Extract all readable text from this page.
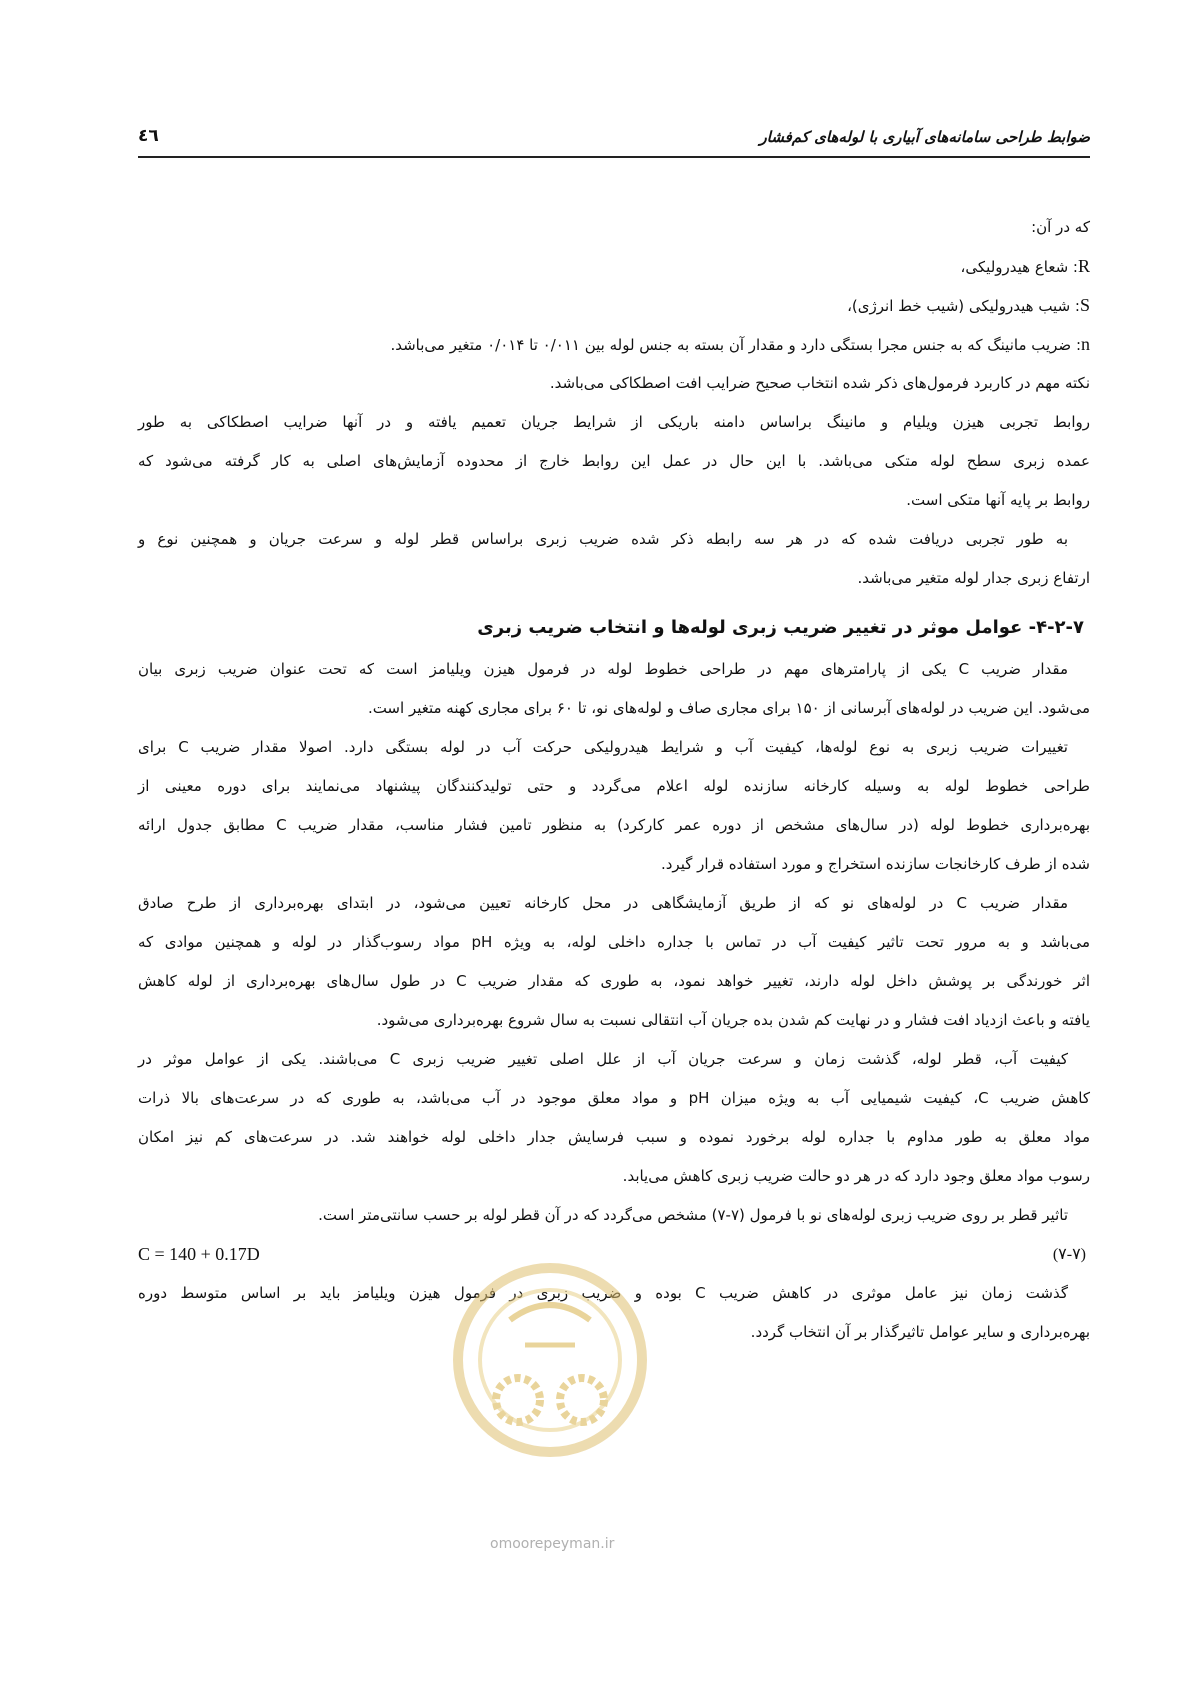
ضوابط طراحی سامانه‌های آبیاری با لوله‌های کم‌فشار
٤٦
که در آن:
R: شعاع هیدرولیکی،
S: شیب هیدرولیکی (شیب خط انرژی)،
n: ضریب مانینگ که به جنس مجرا بستگی دارد و مقدار آن بسته به جنس لوله بین ۰/۰۱۱ تا ۰/۰۱۴ متغیر می‌باشد.
نکته مهم در کاربرد فرمول‌های ذکر شده انتخاب صحیح ضرایب افت اصطکاکی می‌باشد.
روابط تجربی هیزن ویلیام و مانینگ براساس دامنه باریکی از شرایط جریان تعمیم یافته و در آنها ضرایب اصطکاکی به طور
عمده زبری سطح لوله متکی می‌باشد. با این حال در عمل این روابط خارج از محدوده آزمایش‌های اصلی به کار گرفته می‌شود که
روابط بر پایه آنها متکی است.
به طور تجربی دریافت شده که در هر سه رابطه ذکر شده ضریب زبری براساس قطر لوله و سرعت جریان و همچنین نوع و
ارتفاع زبری جدار لوله متغیر می‌باشد.
۴-۲-۷- عوامل موثر در تغییر ضریب زبری لوله‌ها و انتخاب ضریب زبری
مقدار ضریب C یکی از پارامترهای مهم در طراحی خطوط لوله در فرمول هیزن ویلیامز است که تحت عنوان ضریب زبری بیان
می‌شود. این ضریب در لوله‌های آبرسانی از ۱۵۰ برای مجاری صاف و لوله‌های نو، تا ۶۰ برای مجاری کهنه متغیر است.
تغییرات ضریب زبری به نوع لوله‌ها، کیفیت آب و شرایط هیدرولیکی حرکت آب در لوله بستگی دارد. اصولا مقدار ضریب C برای
طراحی خطوط لوله به وسیله کارخانه سازنده لوله اعلام می‌گردد و حتی تولیدکنندگان پیشنهاد می‌نمایند برای دوره معینی از
بهره‌برداری خطوط لوله (در سال‌های مشخص از دوره عمر کارکرد) به منظور تامین فشار مناسب، مقدار ضریب C مطابق جدول ارائه
شده از طرف کارخانجات سازنده استخراج و مورد استفاده قرار گیرد.
مقدار ضریب C در لوله‌های نو که از طریق آزمایشگاهی در محل کارخانه تعیین می‌شود، در ابتدای بهره‌برداری از طرح صادق
می‌باشد و به مرور تحت تاثیر کیفیت آب در تماس با جداره داخلی لوله، به ویژه pH مواد رسوب‌گذار در لوله و همچنین موادی که
اثر خورندگی بر پوشش داخل لوله دارند، تغییر خواهد نمود، به طوری که مقدار ضریب C در طول سال‌های بهره‌برداری از لوله کاهش
یافته و باعث ازدیاد افت فشار و در نهایت کم شدن بده جریان آب انتقالی نسبت به سال شروع بهره‌برداری می‌شود.
کیفیت آب، قطر لوله، گذشت زمان و سرعت جریان آب از علل اصلی تغییر ضریب زبری C می‌باشند. یکی از عوامل موثر در
کاهش ضریب C، کیفیت شیمیایی آب به ویژه میزان pH و مواد معلق موجود در آب می‌باشد، به طوری که در سرعت‌های بالا ذرات
مواد معلق به طور مداوم با جداره لوله برخورد نموده و سبب فرسایش جدار داخلی لوله خواهند شد. در سرعت‌های کم نیز امکان
رسوب مواد معلق وجود دارد که در هر دو حالت ضریب زبری کاهش می‌یابد.
تاثیر قطر بر روی ضریب زبری لوله‌های نو با فرمول (۷-۷) مشخص می‌گردد که در آن قطر لوله بر حسب سانتی‌متر است.
C = 140 + 0.17D	(۷-۷)
گذشت زمان نیز عامل موثری در کاهش ضریب C بوده و ضریب زبری در فرمول هیزن ویلیامز باید بر اساس متوسط دوره
بهره‌برداری و سایر عوامل تاثیرگذار بر آن انتخاب گردد.
omoorepeyman.ir
